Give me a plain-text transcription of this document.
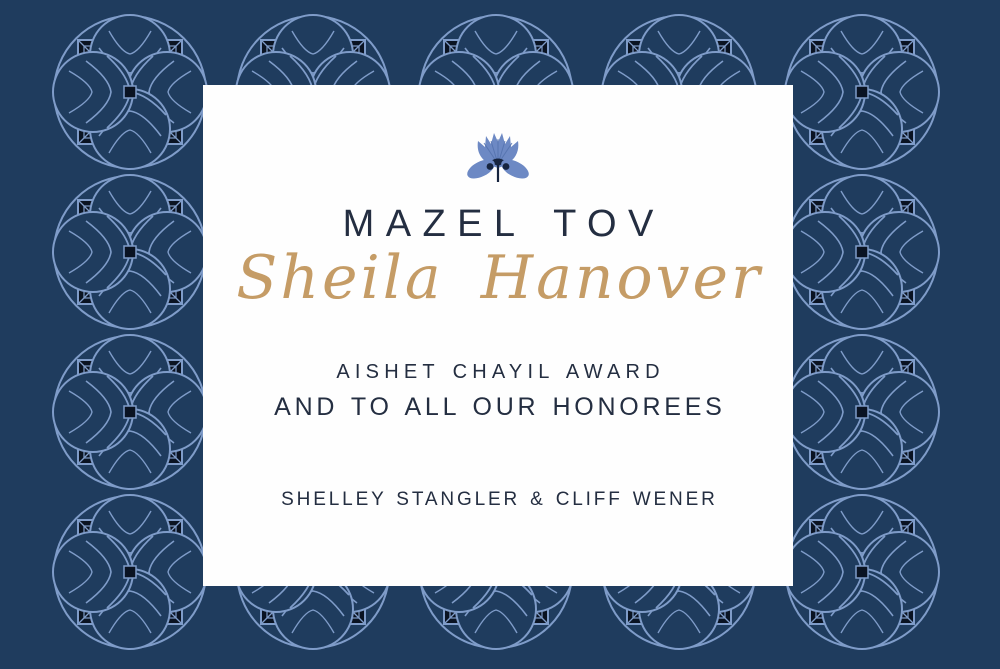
MAZEL TOV
Sheila Hanover
AISHET CHAYIL AWARD
AND TO ALL OUR HONOREES
SHELLEY STANGLER & CLIFF WENER
